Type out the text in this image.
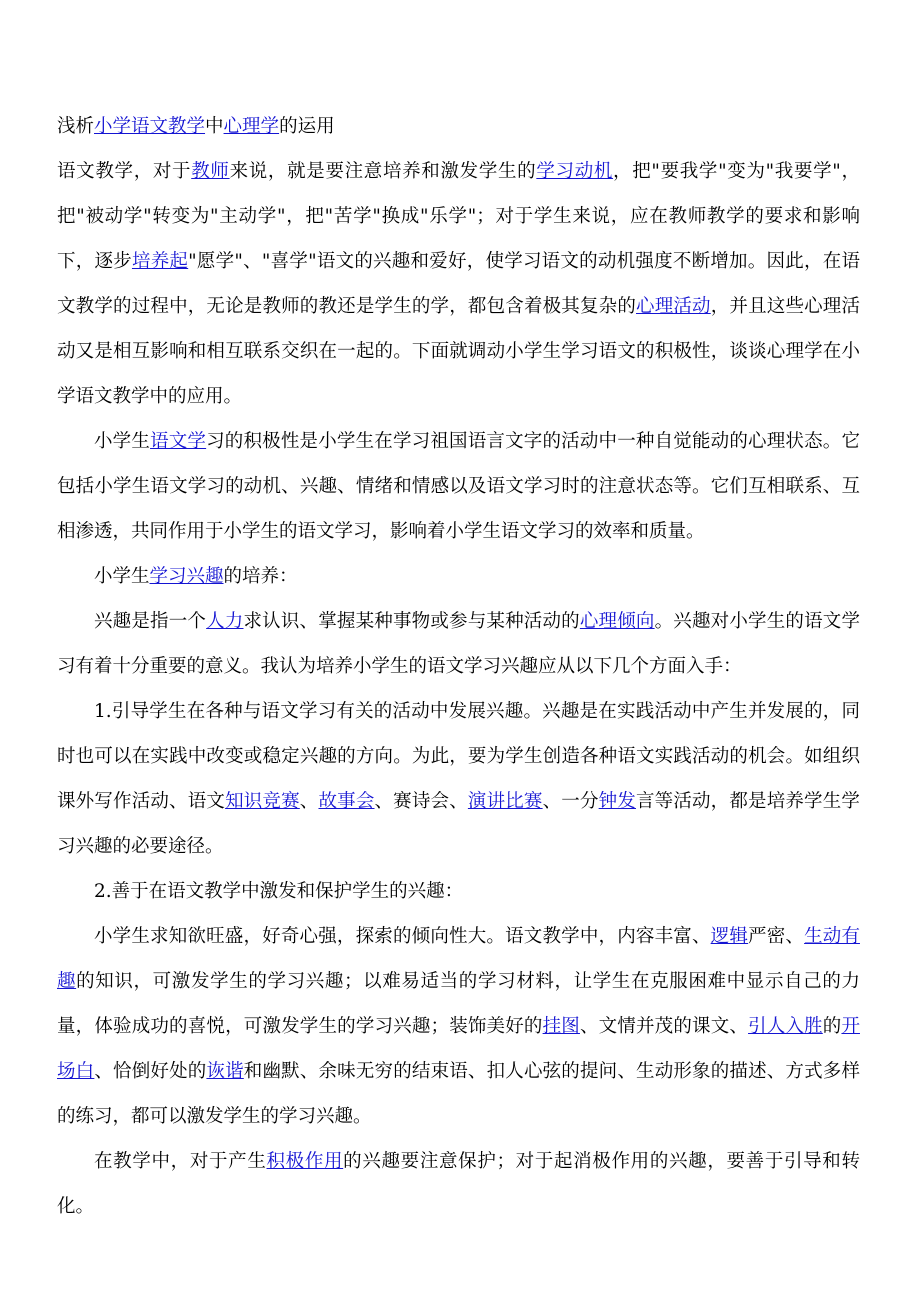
浅析小学语文教学中心理学的运用

语文教学，对于教师来说，就是要注意培养和激发学生的学习动机，把"要我学"变为"我要学"，把"被动学"转变为"主动学"，把"苦学"换成"乐学"；对于学生来说，应在教师教学的要求和影响下，逐步培养起"愿学"、"喜学"语文的兴趣和爱好，使学习语文的动机强度不断增加。因此，在语文教学的过程中，无论是教师的教还是学生的学，都包含着极其复杂的心理活动，并且这些心理活动又是相互影响和相互联系交织在一起的。下面就调动小学生学习语文的积极性，谈谈心理学在小学语文教学中的应用。

小学生语文学习的积极性是小学生在学习祖国语言文字的活动中一种自觉能动的心理状态。它包括小学生语文学习的动机、兴趣、情绪和情感以及语文学习时的注意状态等。它们互相联系、互相渗透，共同作用于小学生的语文学习，影响着小学生语文学习的效率和质量。

小学生学习兴趣的培养：

兴趣是指一个人力求认识、掌握某种事物或参与某种活动的心理倾向。兴趣对小学生的语文学习有着十分重要的意义。我认为培养小学生的语文学习兴趣应从以下几个方面入手：

1.引导学生在各种与语文学习有关的活动中发展兴趣。兴趣是在实践活动中产生并发展的，同时也可以在实践中改变或稳定兴趣的方向。为此，要为学生创造各种语文实践活动的机会。如组织课外写作活动、语文知识竞赛、故事会、赛诗会、演讲比赛、一分钟发言等活动，都是培养学生学习兴趣的必要途径。

2.善于在语文教学中激发和保护学生的兴趣：

小学生求知欲旺盛，好奇心强，探索的倾向性大。语文教学中，内容丰富、逻辑严密、生动有趣的知识，可激发学生的学习兴趣；以难易适当的学习材料，让学生在克服困难中显示自己的力量，体验成功的喜悦，可激发学生的学习兴趣；装饰美好的挂图、文情并茂的课文、引人入胜的开场白、恰倒好处的诙谐和幽默、余味无穷的结束语、扣人心弦的提问、生动形象的描述、方式多样的练习，都可以激发学生的学习兴趣。

在教学中，对于产生积极作用的兴趣要注意保护；对于起消极作用的兴趣，要善于引导和转化。
